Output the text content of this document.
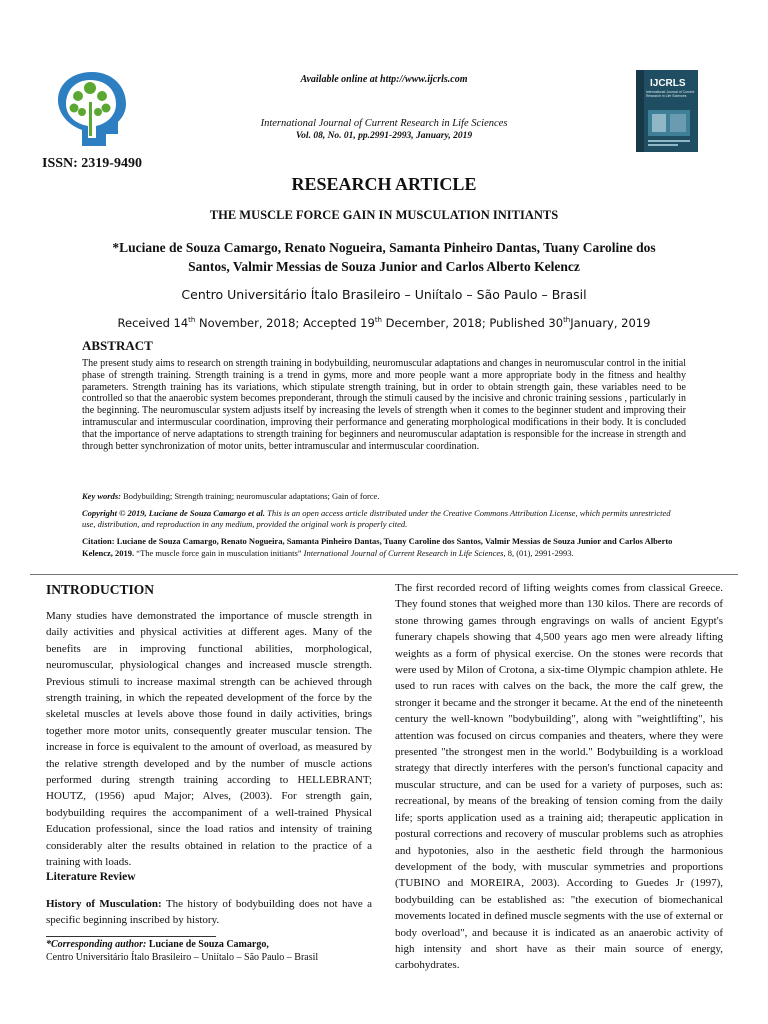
ISSN: 2319-9490
Available online at http://www.ijcrls.com
International Journal of Current Research in Life Sciences
Vol. 08, No. 01, pp.2991-2993, January, 2019
IJCRLS
International Journal of Current Research in Life Sciences
RESEARCH ARTICLE
THE MUSCLE FORCE GAIN IN MUSCULATION INITIANTS
*Luciane de Souza Camargo, Renato Nogueira, Samanta Pinheiro Dantas, Tuany Caroline dos Santos, Valmir Messias de Souza Junior and Carlos Alberto Kelencz
Centro Universitário Ítalo Brasileiro – Uniítalo – São Paulo – Brasil
Received 14th November, 2018; Accepted 19th December, 2018; Published 30thJanuary, 2019
ABSTRACT
The present study aims to research on strength training in bodybuilding, neuromuscular adaptations and changes in neuromuscular control in the initial phase of strength training. Strength training is a trend in gyms, more and more people want a more appropriate body in the fitness and healthy parameters. Strength training has its variations, which stipulate strength training, but in order to obtain strength gain, these variables need to be controlled so that the anaerobic system becomes preponderant, through the stimuli caused by the incisive and chronic training sessions , particularly in the beginning. The neuromuscular system adjusts itself by increasing the levels of strength when it comes to the beginner student and improving their intramuscular and intermuscular coordination, improving their performance and generating morphological modifications in their body. It is concluded that the importance of nerve adaptations to strength training for beginners and neuromuscular adaptation is responsible for the increase in strength and through better synchronization of motor units, better intramuscular and intermuscular coordination.
Key words: Bodybuilding; Strength training; neuromuscular adaptations; Gain of force.
Copyright © 2019, Luciane de Souza Camargo et al. This is an open access article distributed under the Creative Commons Attribution License, which permits unrestricted use, distribution, and reproduction in any medium, provided the original work is properly cited.
Citation: Luciane de Souza Camargo, Renato Nogueira, Samanta Pinheiro Dantas, Tuany Caroline dos Santos, Valmir Messias de Souza Junior and Carlos Alberto Kelencz, 2019. “The muscle force gain in musculation initiants” International Journal of Current Research in Life Sciences, 8, (01), 2991-2993.
INTRODUCTION
Many studies have demonstrated the importance of muscle strength in daily activities and physical activities at different ages. Many of the benefits are in improving functional abilities, morphological, neuromuscular, physiological changes and increased muscle strength. Previous stimuli to increase maximal strength can be achieved through strength training, in which the repeated development of the force by the skeletal muscles at levels above those found in daily activities, brings together more motor units, consequently greater muscular tension. The increase in force is equivalent to the amount of overload, as measured by the relative strength developed and by the number of muscle actions performed during strength training according to HELLEBRANT; HOUTZ, (1956) apud Major; Alves, (2003). For strength gain, bodybuilding requires the accompaniment of a well-trained Physical Education professional, since the load ratios and intensity of training considerably alter the results obtained in relation to the practice of a training with loads.
Literature Review
History of Musculation: The history of bodybuilding does not have a specific beginning inscribed by history.
*Corresponding author: Luciane de Souza Camargo,
Centro Universitário Ítalo Brasileiro – Uniítalo – São Paulo – Brasil
The first recorded record of lifting weights comes from classical Greece. They found stones that weighed more than 130 kilos. There are records of stone throwing games through engravings on walls of ancient Egypt's funerary chapels showing that 4,500 years ago men were already lifting weights as a form of physical exercise. On the stones were records that were used by Milon of Crotona, a six-time Olympic champion athlete. He used to run races with calves on the back, the more the calf grew, the stronger it became and the stronger it became. At the end of the nineteenth century the well-known "bodybuilding", along with "weightlifting", his attention was focused on circus companies and theaters, where they were presented "the strongest men in the world." Bodybuilding is a workload strategy that directly interferes with the person's functional capacity and muscular structure, and can be used for a variety of purposes, such as: recreational, by means of the breaking of tension coming from the daily life; sports application used as a training aid; therapeutic application in postural corrections and recovery of muscular problems such as atrophies and hypotonies, also in the aesthetic field through the harmonious development of the body, with muscular symmetries and proportions (TUBINO and MOREIRA, 2003). According to Guedes Jr (1997), bodybuilding can be established as: "the execution of biomechanical movements located in defined muscle segments with the use of external or body overload", and because it is indicated as an anaerobic activity of high intensity and short have as their main source of energy, carbohydrates.
